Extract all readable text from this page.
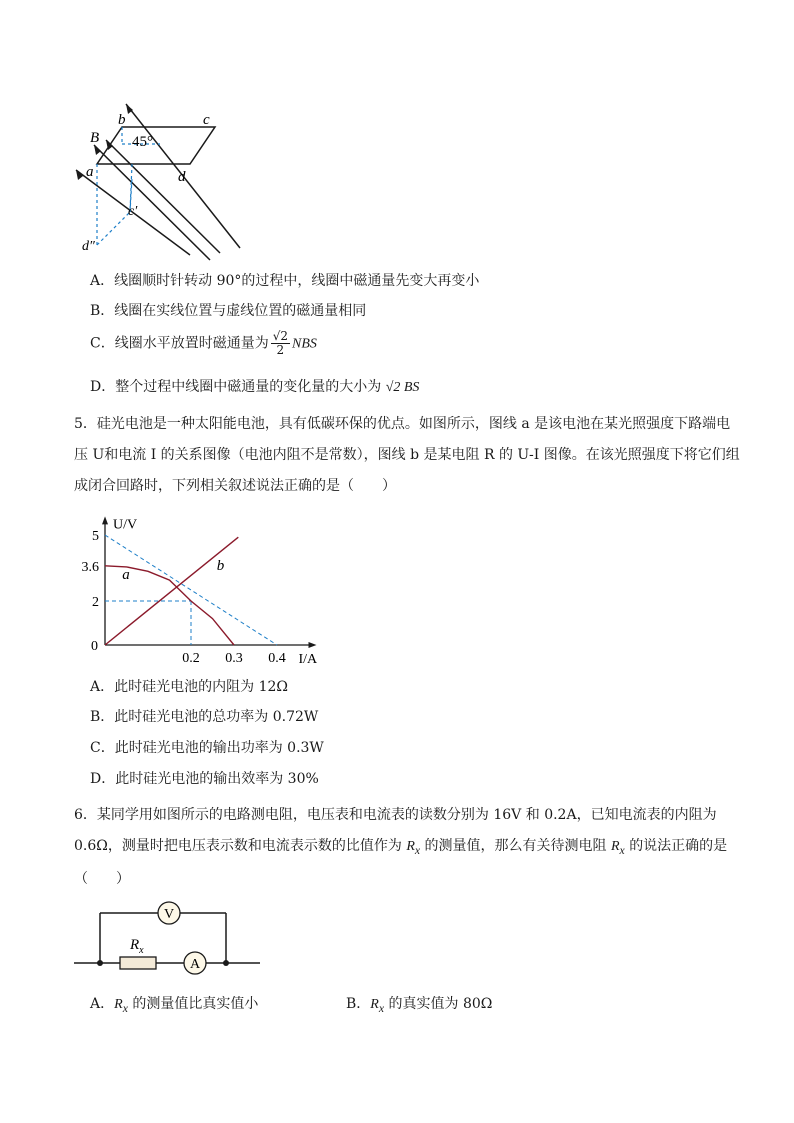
B
b	c
a	d
45°
c′
d″
A．线圈顺时针转动 90°的过程中，线圈中磁通量先变大再变小
B．线圈在实线位置与虚线位置的磁通量相同
C．线圈水平放置时磁通量为 $\frac{√2}{2}$ NBS
D．整个过程中线圈中磁通量的变化量的大小为 √2 BS
5．硅光电池是一种太阳能电池，具有低碳环保的优点。如图所示，图线 a 是该电池在某光照强度下路端电
压 U和电流 I 的关系图像（电池内阻不是常数），图线 b 是某电阻 R 的 U-I 图像。在该光照强度下将它们组
成闭合回路时，下列相关叙述说法正确的是（　　）
U/V
I/A
0
5
3.6
2
0.2 0.3 0.4
a
b
A．此时硅光电池的内阻为 12Ω
B．此时硅光电池的总功率为 0.72W
C．此时硅光电池的输出功率为 0.3W
D．此时硅光电池的输出效率为 30%
6．某同学用如图所示的电路测电阻，电压表和电流表的读数分别为 16V 和 0.2A，已知电流表的内阻为
0.6Ω，测量时把电压表示数和电流表示数的比值作为 $R_x$ 的测量值，那么有关待测电阻 $R_x$ 的说法正确的是
（　　）
V
A
$R_x$
A．$R_x$ 的测量值比真实值小	B．$R_x$ 的真实值为 80Ω
